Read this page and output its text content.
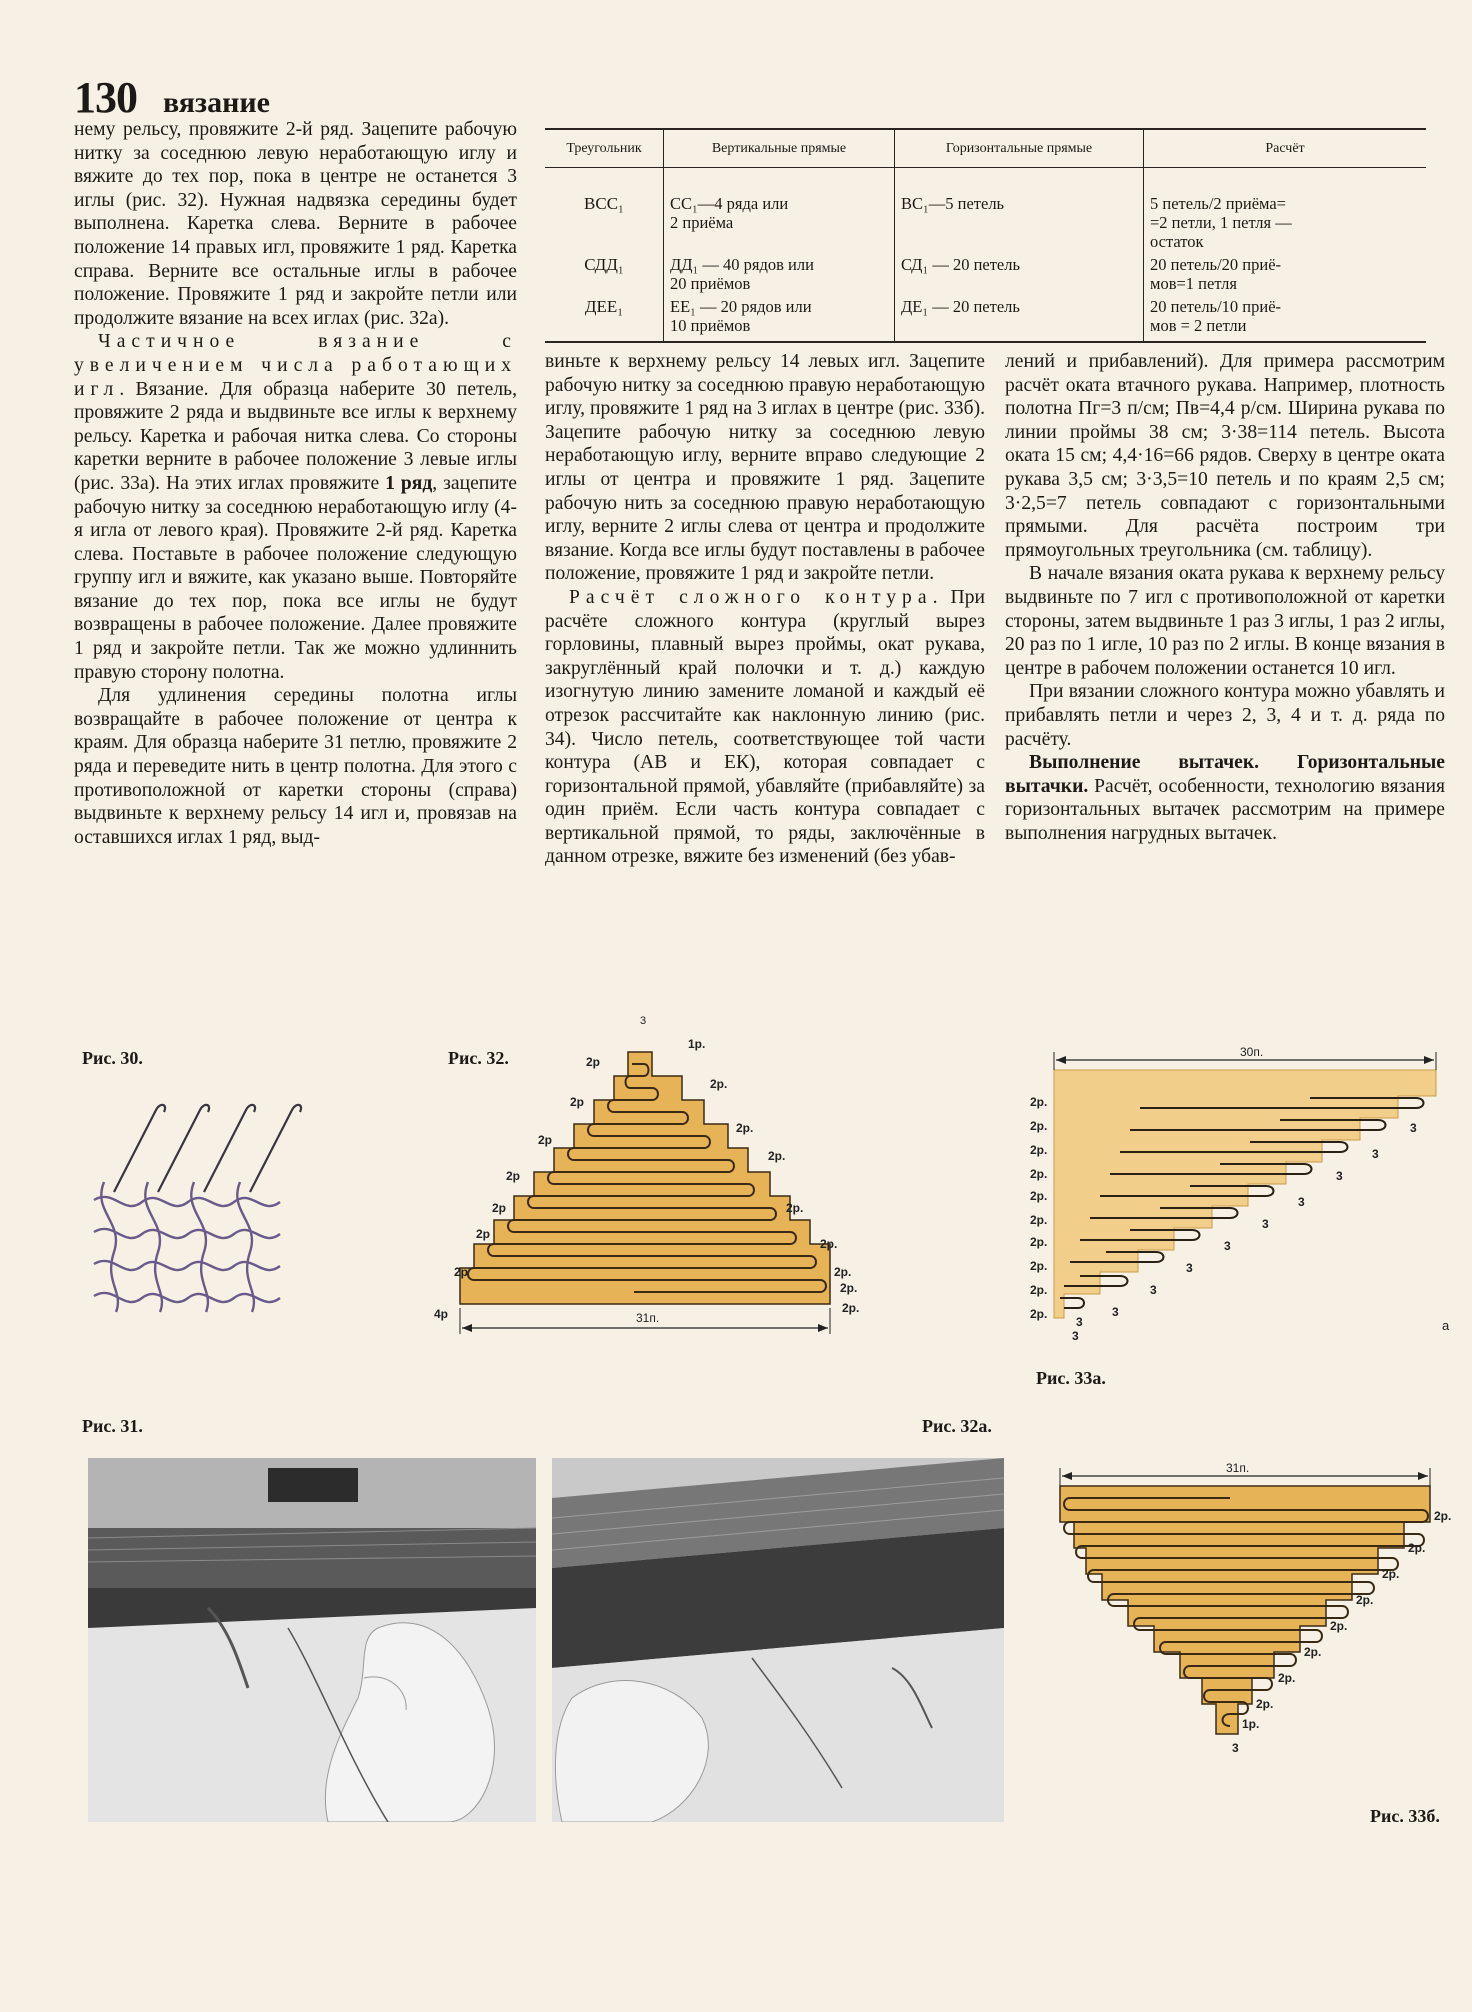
130 вязание

нему рельсу, провяжите 2-й ряд. Зацепите рабочую нитку за соседнюю левую неработающую иглу и вяжите до тех пор, пока в центре не останется 3 иглы (рис. 32). Нужная надвязка середины будет выполнена. Каретка слева. Верните в рабочее положение 14 правых игл, провяжите 1 ряд. Каретка справа. Верните все остальные иглы в рабочее положение. Провяжите 1 ряд и закройте петли или продолжите вязание на всех иглах (рис. 32а).

Частичное вязание с увеличением числа работающих игл. Вязание. Для образца наберите 30 петель, провяжите 2 ряда и выдвиньте все иглы к верхнему рельсу. Каретка и рабочая нитка слева. Со стороны каретки верните в рабочее положение 3 левые иглы (рис. 33а). На этих иглах провяжите 1 ряд, зацепите рабочую нитку за соседнюю неработающую иглу (4-я игла от левого края). Провяжите 2-й ряд. Каретка слева. Поставьте в рабочее положение следующую группу игл и вяжите, как указано выше. Повторяйте вязание до тех пор, пока все иглы не будут возвращены в рабочее положение. Далее провяжите 1 ряд и закройте петли. Так же можно удлиннить правую сторону полотна.

Для удлинения середины полотна иглы возвращайте в рабочее положение от центра к краям. Для образца наберите 31 петлю, провяжите 2 ряда и переведите нить в центр полотна. Для этого с противоположной от каретки стороны (справа) выдвиньте к верхнему рельсу 14 игл и, провязав на оставшихся иглах 1 ряд, выд-

Треугольник	Вертикальные прямые	Горизонтальные прямые	Расчёт
ВСС₁	СС₁—4 ряда или
2 приёма	ВС₁—5 петель	5 петель/2 приёма=
=2 петли, 1 петля —
остаток
СДД₁	ДД₁ — 40 рядов или
20 приёмов	СД₁ — 20 петель	20 петель/20 приё-
мов=1 петля
ДЕЕ₁	ЕЕ₁ — 20 рядов или
10 приёмов	ДЕ₁ — 20 петель	20 петель/10 приё-
мов = 2 петли

виньте к верхнему рельсу 14 левых игл. Зацепите рабочую нитку за соседнюю правую неработающую иглу, провяжите 1 ряд на 3 иглах в центре (рис. 33б). Зацепите рабочую нитку за соседнюю левую неработающую иглу, верните вправо следующие 2 иглы от центра и провяжите 1 ряд. Зацепите рабочую нить за соседнюю правую неработающую иглу, верните 2 иглы слева от центра и продолжите вязание. Когда все иглы будут поставлены в рабочее положение, провяжите 1 ряд и закройте петли.

Расчёт сложного контура. При расчёте сложного контура (круглый вырез горловины, плавный вырез проймы, окат рукава, закруглённый край полочки и т. д.) каждую изогнутую линию замените ломаной и каждый её отрезок рассчитайте как наклонную линию (рис. 34). Число петель, соответствующее той части контура (АВ и ЕК), которая совпадает с горизонтальной прямой, убавляйте (прибавляйте) за один приём. Если часть контура совпадает с вертикальной прямой, то ряды, заключённые в данном отрезке, вяжите без изменений (без убав-

лений и прибавлений). Для примера рассмотрим расчёт оката втачного рукава. Например, плотность полотна Пг=3 п/см; Пв=4,4 р/см. Ширина рукава по линии проймы 38 см; 3·38=114 петель. Высота оката 15 см; 4,4·16=66 рядов. Сверху в центре оката рукава 3,5 см; 3·3,5=10 петель и по краям 2,5 см; 3·2,5=7 петель совпадают с горизонтальными прямыми. Для расчёта построим три прямоугольных треугольника (см. таблицу).

В начале вязания оката рукава к верхнему рельсу выдвиньте по 7 игл с противоположной от каретки стороны, затем выдвиньте 1 раз 3 иглы, 1 раз 2 иглы, 20 раз по 1 игле, 10 раз по 2 иглы. В конце вязания в центре в рабочем положении останется 10 игл.

При вязании сложного контура можно убавлять и прибавлять петли и через 2, 3, 4 и т. д. ряда по расчёту.

Выполнение вытачек. Горизонтальные вытачки. Расчёт, особенности, технологию вязания горизонтальных вытачек рассмотрим на примере выполнения нагрудных вытачек.

Рис. 30.	Рис. 32.
Рис. 33а.
Рис. 31.	Рис. 32а.
Рис. 33б.
31п.
3
2р
2р
2р
2р
2р
2р
2р
4р
1р.
2р.
2р.
2р.
2р.
2р.
2р.
2р.
2р.
30п.
2р.
2р.
2р.
2р.
2р.
2р.
2р.
2р.
2р.
2р.
3
3
3
3
3
3
3
3
3
3
3
а
31п.
2р.
2р.
2р.
2р.
2р.
2р.
2р.
2р.
1р.
3
